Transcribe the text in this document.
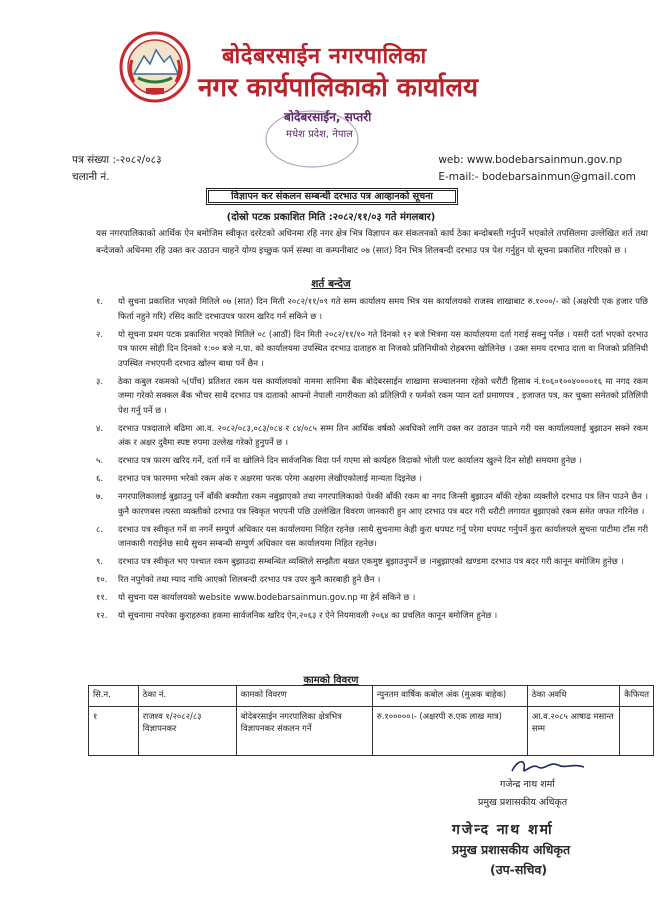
बोदेबरसाईन नगरपालिका
नगर कार्यपालिकाको कार्यालय
बोदेबरसाईन, सप्तरी
मधेश प्रदेश, नेपाल
पत्र संख्या :-२०८२/०८३
चलानी नं.
web: www.bodebarsainmun.gov.np
E-mail:- bodebarsainmun@gmail.com
विज्ञापन कर संकलन सम्बन्धी दरभाउ पत्र आव्हानको सूचना
(दोस्रो पटक प्रकाशित मिति :२०८२/११/०३ गते मंगलबार)
यस नगरपालिकाको आर्थिक ऐन बमोजिम स्वीकृत दररेटको अधिनमा रहि नगर क्षेत्र भित्र विज्ञापन कर संकलनको कार्य ठेका बन्दोबस्ती गर्नुपर्ने भएकोले तपसिलमा उल्लेखित शर्त तथा बन्देजको अधिनमा रहि उक्त कर उठाउन चाहने योग्य इच्छुक फर्म संस्था वा कम्पनीबाट ०७ (सात) दिन भित्र शिलबन्दी दरभाउ पत्र पेश गर्नुहुन यो सूचना प्रकाशित गरिएको छ ।
शर्त बन्देज
१. यो सुचना प्रकाशित भएको मितिले ०७ (सात) दिन मिती २०८२/११/०९ गते सम्म कार्यालय समय भित्र यस कार्यालयको राजस्व शाखाबाट रु.१०००/- को (अक्षरेपी एक हजार पछि फिर्ता नहुने गरि) रसिद काटि दरभाउपत्र फारम खरिद गर्न सकिने छ ।
२. यो सूचना प्रथम पटक प्रकाशित भएको मितिले ०८ (आठौं) दिन मिती २०८२/११/१० गते दिनको १२ बजे भित्रमा यस कार्यालयमा दर्ता गराई सक्नु पर्नेछ । यसरी दर्ता भएको दरभाउ पत्र फारम सोही दिन दिनको १:०० बजे न.पा. को कार्यालयमा उपस्थित दरभाउ दाताहरु वा निजको प्रतिनिधीको रोहबरमा खोलिनेछ । उक्त समय दरभाउ दाता वा निजको प्रतिनिधी उपस्थित नभएपनी दरभाउ खोल्न बाधा पर्ने छैन ।
३. ठेका कबुल रकमको ५(पाँच) प्रतिशत रकम यस कार्यालयको नाममा सानिमा बैंक बोदेबरसाईन शाखामा सञ्चालनमा रहेको धरौटी हिसाब नं.१०६०१००४००००१६ मा नगद रकम जम्मा गरेको सक्कल बैंक भौचर साथै दरभाउ पत्र दाताको आफ्नो नेपाली नागरीकता को प्रतिलिपी र फर्मको रकम प्यान दर्ता प्रमाणपत्र , इजाजत पत्र, कर चुक्ता समेतको प्रतिलिपी पेश गर्नु पर्ने छ ।
४. दरभाउ पत्रदाताले बढिमा आ.व. २०८२/०८३,०८३/०८४ र ८४/०८५ सम्म तिन आर्थिक वर्षको अवधिको लागि उक्त कर उठाउन पाउने गरी यस कार्यालयलाई बुझाउन सक्ने रकम अंक र अक्षर दुवैमा स्पष्ट रुपमा उल्लेख गरेको हुनुपर्ने छ ।
५. दरभाउ पत्र फारम खरिद गर्ने, दर्ता गर्ने वा खोलिने दिन सार्वजनिक विदा पर्न गएमा सो कार्यहरु विदाको भोली पल्ट कार्यालय खुल्ने दिन सोही समयमा हुनेछ ।
६. दरभाउ पत्र फारममा भरेको रकम अंक र अक्षरमा फरक परेमा अक्षरमा लेखीएकोलाई मान्यता दिइनेछ ।
७. नगरपालिकालाई बुझाउनु पर्ने बाँकी बक्यौता रकम नबुझाएको तथा नगरपालिकाको पेश्की बाँकी रकम बा नगद जिन्सी बुझाउन बाँकी रहेका व्यक्तीले दरभाउ पत्र लिन पाउने छैन । कुनै कारणबस त्यस्ता व्यक्तीको दरभाउ पत्र स्विकृत भएपनी पछि उल्लेखित विवरण जानकारी हुन आए दरभाउ पत्र बदर गरी धरौटी लगायत बुझाएको रकम समेत जफत गरिनेछ ।
८. दरभाउ पत्र स्वीकृत गर्ने वा नगर्ने सम्पुर्ण अधिकार यस कार्यालयमा निहित रहनेछ ।साथै सुचनामा केही कुरा थपघट गर्नु परेमा थपघट गर्नुपर्ने कुरा कार्यालयले सुचना पाटीमा टाँस गरी जानकारी गराईनेछ साथै सुचन सम्बन्धी सम्पुर्ण अधिकार यस कार्यालयमा निहित रहनेछ।
९. दरभाउ पत्र स्वीकृत भए पश्चात रकम बुझाउदा सम्बन्धित व्यक्तिले सम्झौता बखत एकमुष्ट बुझाउनुपर्ने छ ।नबुझाएको खण्डमा दरभाउ पत्र बदर गरी कानून बमोजिम हुनेछ ।
१०. रित नपुगेको तथा म्याद नाघि आएको शिलबन्दी दरभाउ पत्र उपर कुनै कारबाही हुने छैन ।
११. यो सुचना यस कार्यालयको website www.bodebarsainmun.gov.np मा हेर्न सकिने छ ।
१२. यो सूचनामा नपरेका कुराहरुका हकमा सार्वजनिक खरिद ऐन,२०६३ र ऐने नियमावली २०६४ का प्रचलित कानून बमोजिम हुनेछ ।
कामको विवरण
सि.न.	ठेका नं.	कामको विवरण	न्युनतम वार्षिक कबोल अंक (मुअक बाहेक)	ठेका अवधि	कैफियत
१	राजश्व १/२०८२/८३ विज्ञापनकर	बोदेबरसाईन नगरपालिका क्षेत्रभित्र विज्ञापनकर संकलन गर्ने	रु.१०००००।- (अक्षरपी रु.एक लाख मात्र)	आ.व.२०८५ आषाढ मसान्त सम्म	
गजेन्द्र नाथ शर्मा
प्रमुख प्रशासकीय अधिकृत
गजेन्द नाथ शर्मा
प्रमुख प्रशासकीय अधिकृत
(उप-सचिव)
